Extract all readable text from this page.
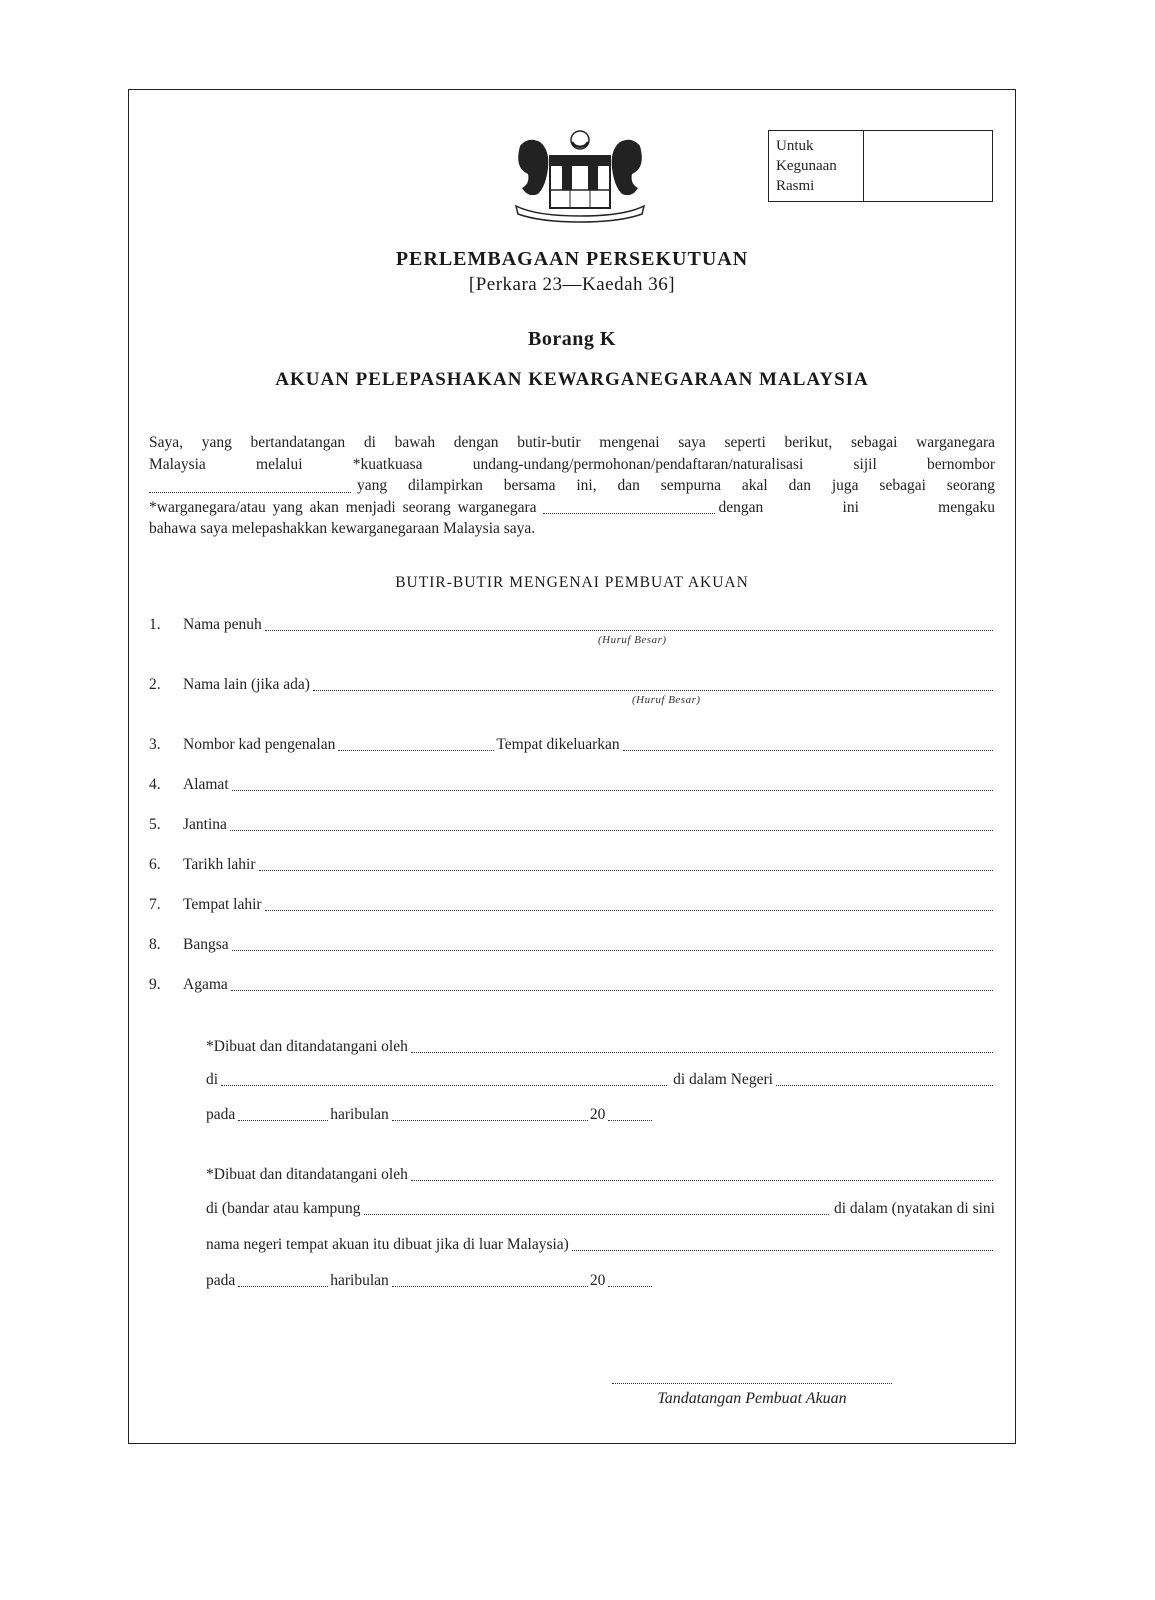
Untuk
Kegunaan
Rasmi
PERLEMBAGAAN PERSEKUTUAN
[Perkara 23—Kaedah 36]
Borang K
AKUAN PELEPASHAKAN KEWARGANEGARAAN MALAYSIA

Saya, yang bertandatangan di bawah dengan butir-butir mengenai saya seperti berikut, sebagai warganegara

Malaysia melalui *kuatkuasa undang-undang/permohonan/pendaftaran/naturalisasi sijil bernombor

yang dilampirkan bersama ini, dan sempurna akal dan juga sebagai seorang

*warganegara/atau yang akan menjadi seorang warganegara	dengan ini mengaku

bahawa saya melepashakkan kewarganegaraan Malaysia saya.

BUTIR-BUTIR MENGENAI PEMBUAT AKUAN
1.	Nama penuh
(Huruf Besar)
2.	Nama lain (jika ada)
(Huruf Besar)
3.	Nombor kad pengenalan	Tempat dikeluarkan
4.	Alamat
5.	Jantina
6.	Tarikh lahir
7.	Tempat lahir
8.	Bangsa
9.	Agama
*Dibuat dan ditandatangani oleh
di	di dalam Negeri
pada	haribulan	20
*Dibuat dan ditandatangani oleh
di (bandar atau kampung	di dalam (nyatakan di sini
nama negeri tempat akuan itu dibuat jika di luar Malaysia)
pada	haribulan	20
Tandatangan Pembuat Akuan
